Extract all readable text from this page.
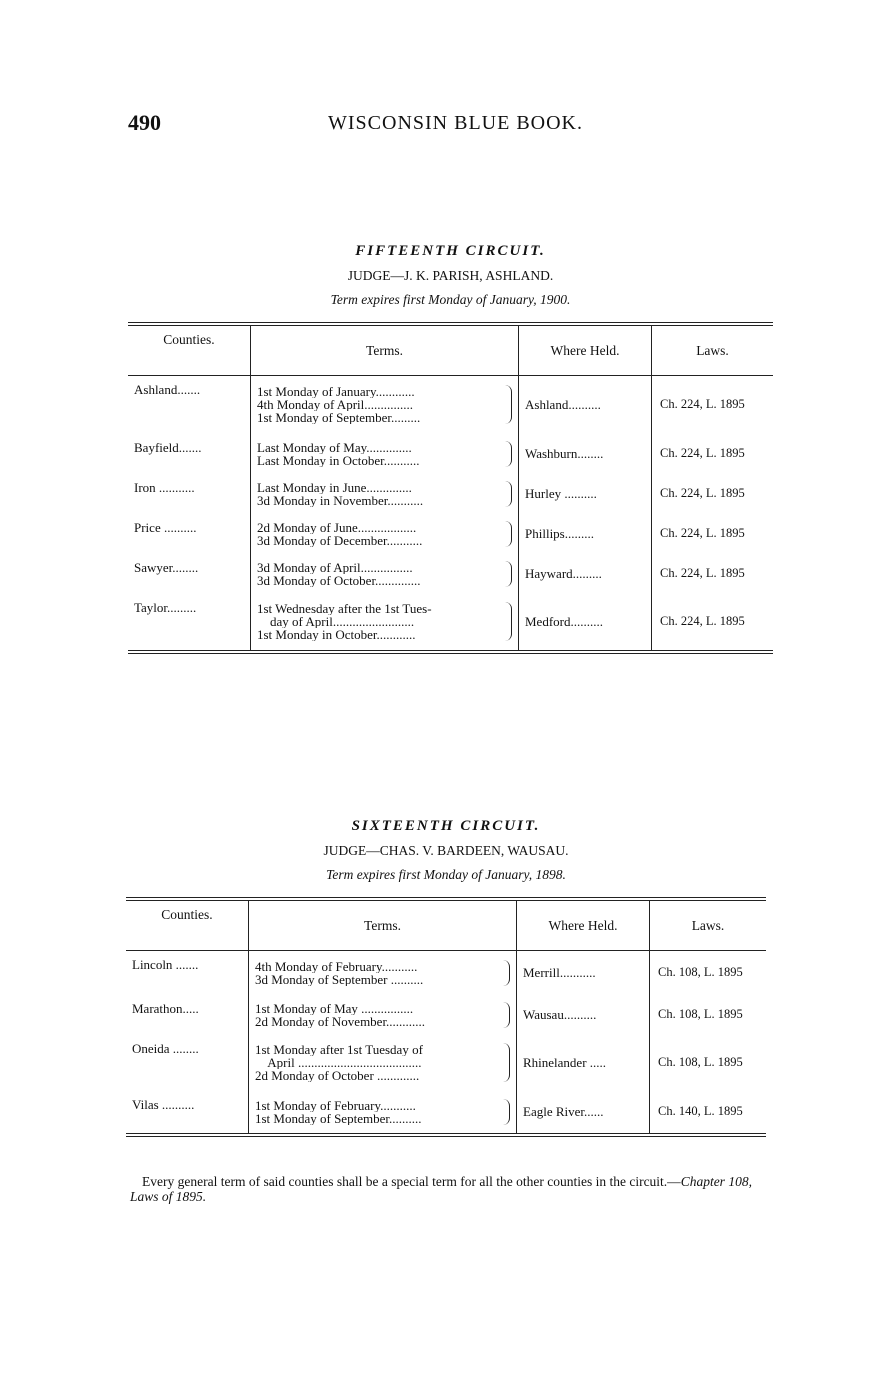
490	WISCONSIN BLUE BOOK.

FIFTEENTH CIRCUIT.

JUDGE—J. K. PARISH, ASHLAND.

Term expires first Monday of January, 1900.

Counties.	Terms.	Where Held.	Laws.
Ashland.......	1st Monday of January............
4th Monday of April...............
1st Monday of September.........	Ashland..........	Ch. 224, L. 1895
Bayfield.......	Last Monday of May..............
Last Monday in October...........	Washburn........	Ch. 224, L. 1895
Iron ...........	Last Monday in June..............
3d Monday in November...........	Hurley ..........	Ch. 224, L. 1895
Price ..........	2d Monday of June..................
3d Monday of December...........	Phillips.........	Ch. 224, L. 1895
Sawyer........	3d Monday of April................
3d Monday of October..............	Hayward.........	Ch. 224, L. 1895
Taylor.........	1st Wednesday after the 1st Tues-
day of April.........................
1st Monday in October............	Medford..........	Ch. 224, L. 1895

SIXTEENTH CIRCUIT.

JUDGE—CHAS. V. BARDEEN, WAUSAU.

Term expires first Monday of January, 1898.

Counties.	Terms.	Where Held.	Laws.
Lincoln .......	4th Monday of February...........
3d Monday of September ..........	Merrill...........	Ch. 108, L. 1895
Marathon.....	1st Monday of May ................
2d Monday of November............	Wausau..........	Ch. 108, L. 1895
Oneida ........	1st Monday after 1st Tuesday of
April ......................................
2d Monday of October .............	Rhinelander .....	Ch. 108, L. 1895
Vilas ..........	1st Monday of February...........
1st Monday of September..........	Eagle River......	Ch. 140, L. 1895

Every general term of said counties shall be a special term for all the other counties in the circuit.—Chapter 108, Laws of 1895.
